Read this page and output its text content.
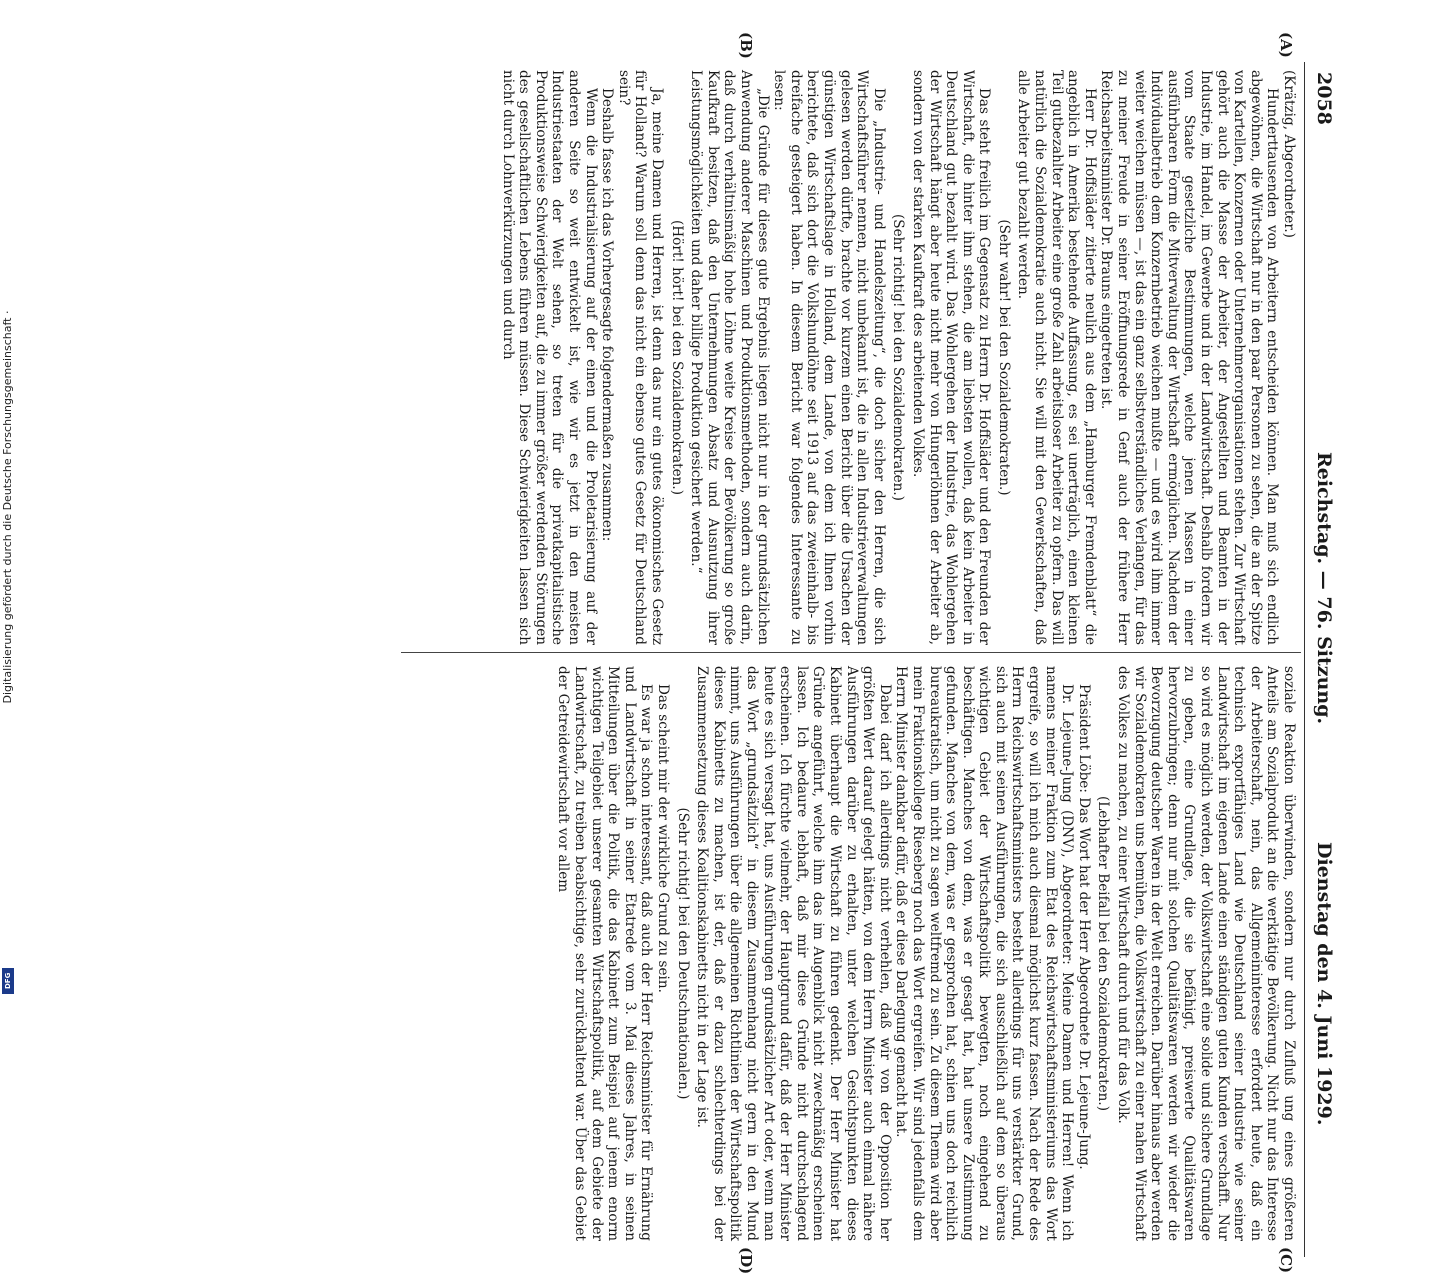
2058
Reichstag. — 76. Sitzung.
Dienstag den 4. Juni 1929.
(A)
(B)
(C)
(D)

(Krätzig, Abgeordneter.)

Hunderttausenden von Arbeitern entscheiden können. Man muß sich endlich abgewöhnen, die Wirtschaft nur in den paar Personen zu sehen, die an der Spitze von Kartellen, Konzernen oder Unternehmerorganisationen stehen. Zur Wirtschaft gehört auch die Masse der Arbeiter, der Angestellten und Beamten in der Industrie, im Handel, im Gewerbe und in der Landwirtschaft. Deshalb fordern wir vom Staate gesetzliche Bestimmungen, welche jenen Massen in einer ausführbaren Form die Mitverwaltung der Wirtschaft ermöglichen. Nachdem der Individualbetrieb dem Konzernbetrieb weichen mußte — und es wird ihm immer weiter weichen müssen —, ist das ein ganz selbstverständliches Verlangen, für das zu meiner Freude in seiner Eröffnungsrede in Genf auch der frühere Herr Reichsarbeitsminister Dr. Brauns eingetreten ist.

Herr Dr. Hoffsläder zitierte neulich aus dem „Hamburger Fremdenblatt“ die angeblich in Amerika bestehende Auffassung, es sei unerträglich, einen kleinen Teil gutbezahlter Arbeiter eine große Zahl arbeitsloser Arbeiter zu opfern. Das will natürlich die Sozialdemokratie auch nicht. Sie will mit den Gewerkschaften, daß alle Arbeiter gut bezahlt werden.

(Sehr wahr! bei den Sozialdemokraten.)

Das steht freilich im Gegensatz zu Herrn Dr. Hoffsläder und den Freunden der Wirtschaft, die hinter ihm stehen, die am liebsten wollen, daß kein Arbeiter in Deutschland gut bezahlt wird. Das Wohlergehen der Industrie, das Wohlergehen der Wirtschaft hängt aber heute nicht mehr von Hungerlöhnen der Arbeiter ab, sondern von der starken Kaufkraft des arbeitenden Volkes.

(Sehr richtig! bei den Sozialdemokraten.)

Die „Industrie- und Handelszeitung“, die doch sicher den Herren, die sich Wirtschaftsführer nennen, nicht unbekannt ist, die in allen Industrieverwaltungen gelesen werden dürfte, brachte vor kurzem einen Bericht über die Ursachen der günstigen Wirtschaftslage in Holland, dem Lande, von dem ich Ihnen vorhin berichtete, daß sich dort die Volkshundlöhne seit 1913 auf das zweieinhalb- bis dreifache gesteigert haben. In diesem Bericht war folgendes Interessante zu lesen:

„Die Gründe für dieses gute Ergebnis liegen nicht nur in der grundsätzlichen Anwendung anderer Maschinen und Produktionsmethoden, sondern auch darin, daß durch verhältnismäßig hohe Löhne weite Kreise der Bevölkerung so große Kaufkraft besitzen, daß den Unternehmungen Absatz und Ausnutzung ihrer Leistungsmöglichkeiten und daher billige Produktion gesichert werden.“

(Hört! hört! bei den Sozialdemokraten.)

Ja, meine Damen und Herren, ist denn das nur ein gutes ökonomisches Gesetz für Holland? Warum soll denn das nicht ein ebenso gutes Gesetz für Deutschland sein?

Deshalb fasse ich das Vorhergesagte folgendermaßen zusammen:

Wenn die Industrialisierung auf der einen und die Proletarisierung auf der anderen Seite so weit entwickelt ist, wie wir es jetzt in den meisten Industriestaaten der Welt sehen, so treten für die privatkapitalistische Produktionsweise Schwierigkeiten auf, die zu immer größer werdenden Störungen des gesellschaftlichen Lebens führen müssen. Diese Schwierigkeiten lassen sich nicht durch Lohnverkürzungen und durch

soziale Reaktion überwinden, sondern nur durch Zufluß ung eines größeren Anteils am Sozialprodukt an die werktätige Bevölkerung. Nicht nur das Interesse der Arbeiterschaft, nein, das Allgemeininteresse erfordert heute, daß ein technisch exportfähiges Land wie Deutschland seiner Industrie wie seiner Landwirtschaft im eigenen Lande einen ständigen guten Kunden verschafft. Nur so wird es möglich werden, der Volkswirtschaft eine solide und sichere Grundlage zu geben, eine Grundlage, die sie befähigt, preiswerte Qualitätswaren hervorzubringen; denn nur mit solchen Qualitätswaren werden wir wieder die Bevorzugung deutscher Waren in der Welt erreichen. Darüber hinaus aber werden wir Sozialdemokraten uns bemühen, die Volkswirtschaft zu einer nahen Wirtschaft des Volkes zu machen, zu einer Wirtschaft durch und für das Volk.

(Lebhafter Beifall bei den Sozialdemokraten.)

Präsident Löbe: Das Wort hat der Herr Abgeordnete Dr. Lejeune-Jung.

Dr. Lejeune-Jung (DNV), Abgeordneter: Meine Damen und Herren! Wenn ich namens meiner Fraktion zum Etat des Reichswirtschaftsministeriums das Wort ergreife, so will ich mich auch diesmal möglichst kurz fassen. Nach der Rede des Herrn Reichswirtschaftsministers besteht allerdings für uns verstärkter Grund, sich auch mit seinen Ausführungen, die sich ausschließlich auf dem so überaus wichtigen Gebiet der Wirtschaftspolitik bewegten, noch eingehend zu beschäftigen. Manches von dem, was er gesagt hat, hat unsere Zustimmung gefunden. Manches von dem, was er gesprochen hat, schien uns doch reichlich bureaukratisch, um nicht zu sagen weltfremd zu sein. Zu diesem Thema wird aber mein Fraktionskollege Rieseberg noch das Wort ergreifen. Wir sind jedenfalls dem Herrn Minister dankbar dafür, daß er diese Darlegung gemacht hat.

Dabei darf ich allerdings nicht verhehlen, daß wir von der Opposition her größten Wert darauf gelegt hätten, von dem Herrn Minister auch einmal nähere Ausführungen darüber zu erhalten, unter welchen Gesichtspunkten dieses Kabinett überhaupt die Wirtschaft zu führen gedenkt. Der Herr Minister hat Gründe angeführt, welche ihm das im Augenblick nicht zweckmäßig erscheinen lassen. Ich bedaure lebhaft, daß mir diese Gründe nicht durchschlagend erscheinen. Ich fürchte vielmehr, der Hauptgrund dafür, daß der Herr Minister heute es sich versagt hat, uns Ausführungen grundsätzlicher Art oder, wenn man das Wort „grundsätzlich“ in diesem Zusammenhang nicht gern in den Mund nimmt, uns Ausführungen über die allgemeinen Richtlinien der Wirtschaftspolitik dieses Kabinetts zu machen, ist der, daß er dazu schlechterdings bei der Zusammensetzung dieses Koalitionskabinetts nicht in der Lage ist.

(Sehr richtig! bei den Deutschnationalen.)

Das scheint mir der wirkliche Grund zu sein.

Es war ja schon interessant, daß auch der Herr Reichsminister für Ernährung und Landwirtschaft in seiner Etatrede vom 3. Mai dieses Jahres, in seinen Mitteilungen über die Politik, die das Kabinett zum Beispiel auf jenem enorm wichtigen Teilgebiet unserer gesamten Wirtschaftspolitik, auf dem Gebiete der Landwirtschaft, zu treiben beabsichtige, sehr zurückhaltend war. Über das Gebiet der Getreidewirtschaft vor allem

Digitalisierung gefördert durch die Deutsche Forschungsgemeinschaft ·
DFG
